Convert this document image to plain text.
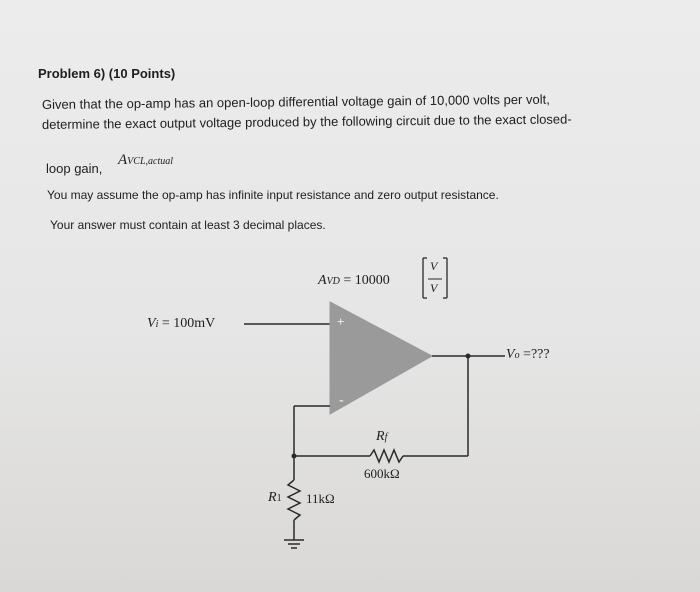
Problem 6) (10 Points)
Given that the op-amp has an open-loop differential voltage gain of 10,000 volts per volt,
determine the exact output voltage produced by the following circuit due to the exact closed-
loop gain,
AVCL,actual
You may assume the op-amp has infinite input resistance and zero output resistance.
Your answer must contain at least 3 decimal places.
AVD = 10000
V
V
Vi = 100mV	+
-
Vo =???
Rf
600kΩ
R1 11kΩ
